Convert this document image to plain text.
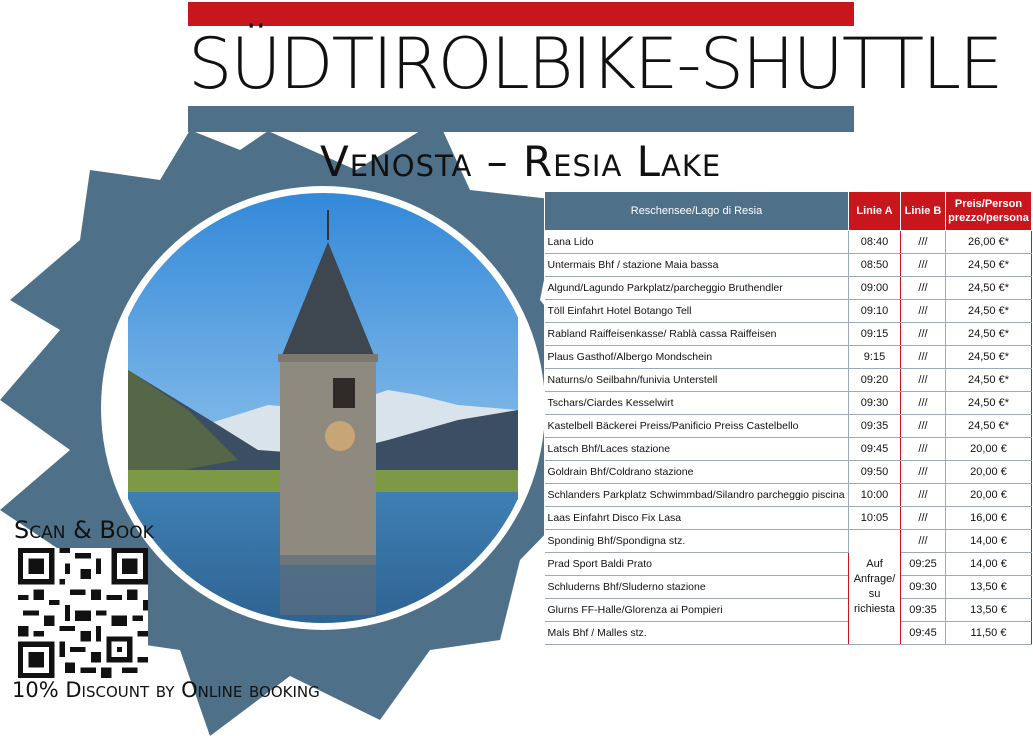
SÜDTIROLBIKE-SHUTTLE
Venosta – Resia Lake
Scan & Book
10% Discount by Online booking
Reschensee/Lago di Resia	Linie A	Linie B	Preis/Person prezzo/persona
Lana Lido	08:40	///	26,00 €*
Untermais Bhf / stazione Maia bassa	08:50	///	24,50 €*
Algund/Lagundo Parkplatz/parcheggio Bruthendler	09:00	///	24,50 €*
Töll Einfahrt Hotel Botango Tell	09:10	///	24,50 €*
Rabland Raiffeisenkasse/ Rablà cassa Raiffeisen	09:15	///	24,50 €*
Plaus Gasthof/Albergo Mondschein	9:15	///	24,50 €*
Naturns/o Seilbahn/funivia Unterstell	09:20	///	24,50 €*
Tschars/Ciardes Kesselwirt	09:30	///	24,50 €*
Kastelbell Bäckerei Preiss/Panificio Preiss Castelbello	09:35	///	24,50 €*
Latsch Bhf/Laces stazione	09:45	///	20,00 €
Goldrain Bhf/Coldrano stazione	09:50	///	20,00 €
Schlanders Parkplatz Schwimmbad/Silandro parcheggio piscina	10:00	///	20,00 €
Laas Einfahrt Disco Fix Lasa	10:05	///	16,00 €
Spondinig Bhf/Spondigna stz.	Auf Anfrage/ su richiesta	///	14,00 €
Prad Sport Baldi Prato		09:25	14,00 €
Schluderns Bhf/Sluderno stazione		09:30	13,50 €
Glurns FF-Halle/Glorenza ai Pompieri		09:35	13,50 €
Mals Bhf / Malles stz.		09:45	11,50 €
